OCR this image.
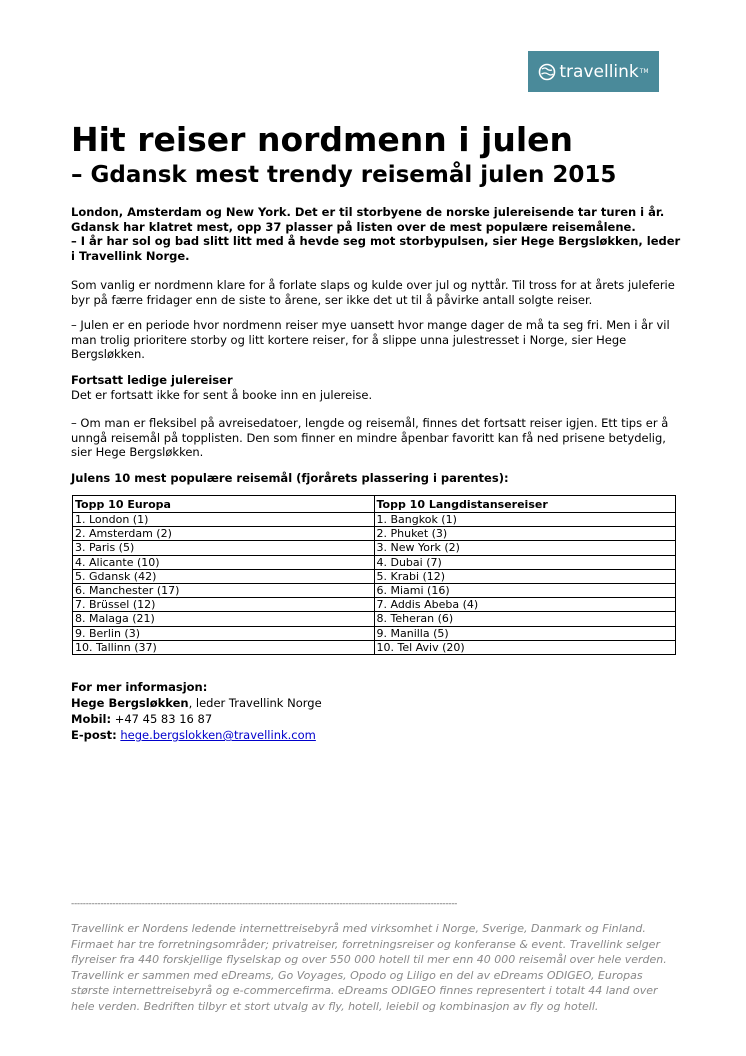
travellink TM
Hit reiser nordmenn i julen
– Gdansk mest trendy reisemål julen 2015
London, Amsterdam og New York. Det er til storbyene de norske julereisende tar turen i år. Gdansk har klatret mest, opp 37 plasser på listen over de mest populære reisemålene.
– I år har sol og bad slitt litt med å hevde seg mot storbypulsen, sier Hege Bergsløkken, leder i Travellink Norge.

Som vanlig er nordmenn klare for å forlate slaps og kulde over jul og nyttår. Til tross for at årets juleferie byr på færre fridager enn de siste to årene, ser ikke det ut til å påvirke antall solgte reiser.

– Julen er en periode hvor nordmenn reiser mye uansett hvor mange dager de må ta seg fri. Men i år vil man trolig prioritere storby og litt kortere reiser, for å slippe unna julestresset i Norge, sier Hege Bergsløkken.

Fortsatt ledige julereiser
Det er fortsatt ikke for sent å booke inn en julereise.

– Om man er fleksibel på avreisedatoer, lengde og reisemål, finnes det fortsatt reiser igjen. Ett tips er å unngå reisemål på topplisten. Den som finner en mindre åpenbar favoritt kan få ned prisene betydelig, sier Hege Bergsløkken.

Julens 10 mest populære reisemål (fjorårets plassering i parentes):

Topp 10 Europa	Topp 10 Langdistansereiser
1. London (1)	1. Bangkok (1)
2. Amsterdam (2)	2. Phuket (3)
3. Paris (5)	3. New York (2)
4. Alicante (10)	4. Dubai (7)
5. Gdansk (42)	5. Krabi (12)
6. Manchester (17)	6. Miami (16)
7. Brüssel (12)	7. Addis Abeba (4)
8. Malaga (21)	8. Teheran (6)
9. Berlin (3)	9. Manilla (5)
10. Tallinn (37)	10. Tel Aviv (20)
For mer informasjon:
Hege Bergsløkken, leder Travellink Norge
Mobil: +47 45 83 16 87
E-post: hege.bergslokken@travellink.com
-----------------------------------------------------------------------------------------------------------------------------------

Travellink er Nordens ledende internettreisebyrå med virksomhet i Norge, Sverige, Danmark og Finland. Firmaet har tre forretningsområder; privatreiser, forretningsreiser og konferanse & event. Travellink selger flyreiser fra 440 forskjellige flyselskap og over 550 000 hotell til mer enn 40 000 reisemål over hele verden. Travellink er sammen med eDreams, Go Voyages, Opodo og Liligo en del av eDreams ODIGEO, Europas største internettreisebyrå og e-commercefirma. eDreams ODIGEO finnes representert i totalt 44 land over hele verden. Bedriften tilbyr et stort utvalg av fly, hotell, leiebil og kombinasjon av fly og hotell.
